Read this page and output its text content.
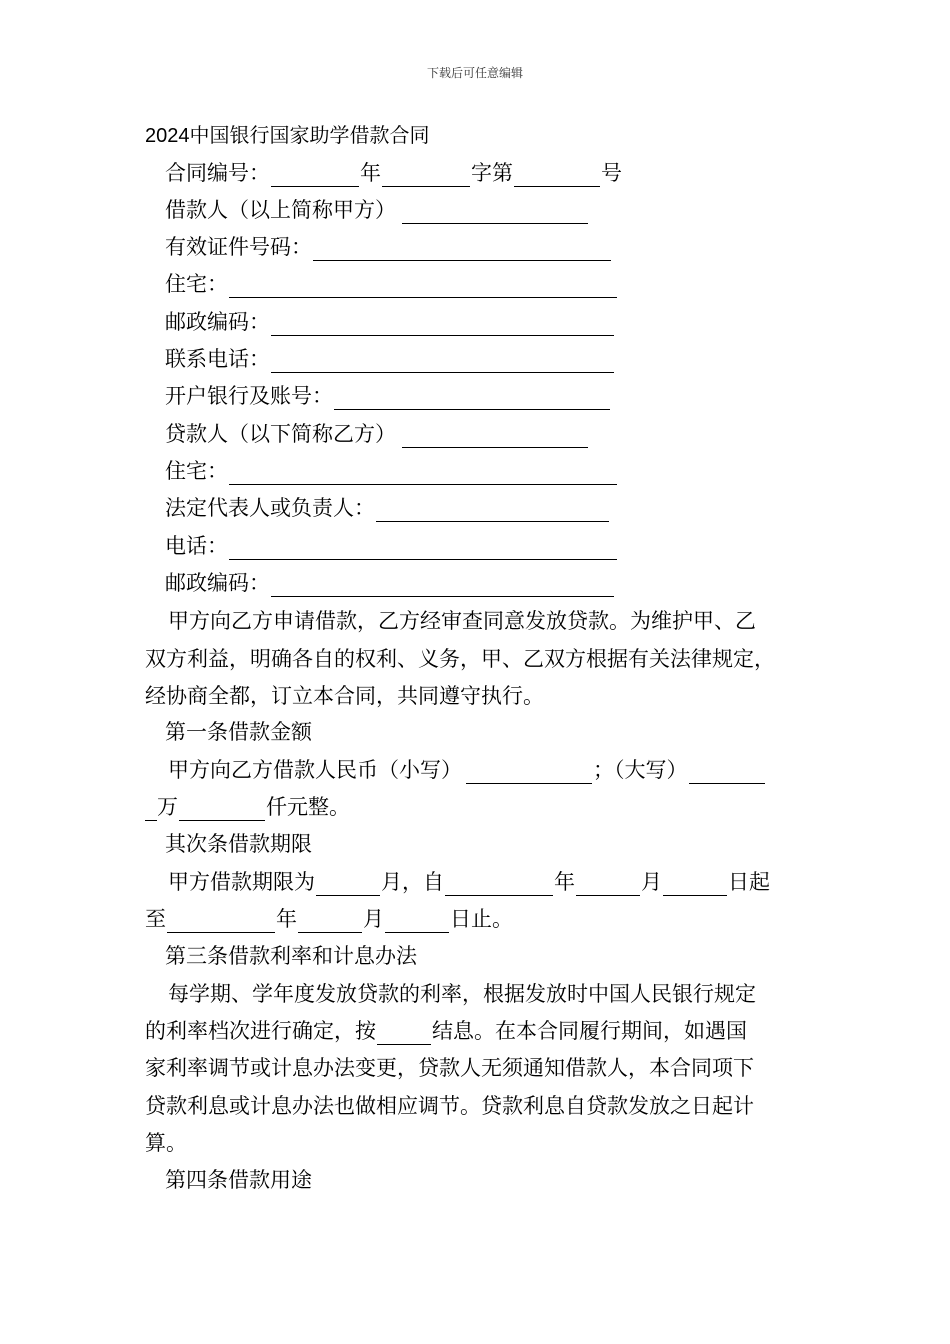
下载后可任意编辑
2024中国银行国家助学借款合同
合同编号：	年	字第	号
借款人（以上简称甲方）
有效证件号码：
住宅：
邮政编码：
联系电话：
开户银行及账号：
贷款人（以下简称乙方）
住宅：
法定代表人或负责人：
电话：
邮政编码：
甲方向乙方申请借款，乙方经审查同意发放贷款。为维护甲、乙
双方利益，明确各自的权利、义务，甲、乙双方根据有关法律规定，
经协商全都，订立本合同，共同遵守执行。
第一条借款金额
甲方向乙方借款人民币（小写）	；（大写）
万	仟元整。
其次条借款期限
甲方借款期限为	月，自	年	月	日起
至	年	月	日止。
第三条借款利率和计息办法
每学期、学年度发放贷款的利率，根据发放时中国人民银行规定
的利率档次进行确定，按	结息。在本合同履行期间，如遇国
家利率调节或计息办法变更，贷款人无须通知借款人，本合同项下
贷款利息或计息办法也做相应调节。贷款利息自贷款发放之日起计
算。
第四条借款用途
